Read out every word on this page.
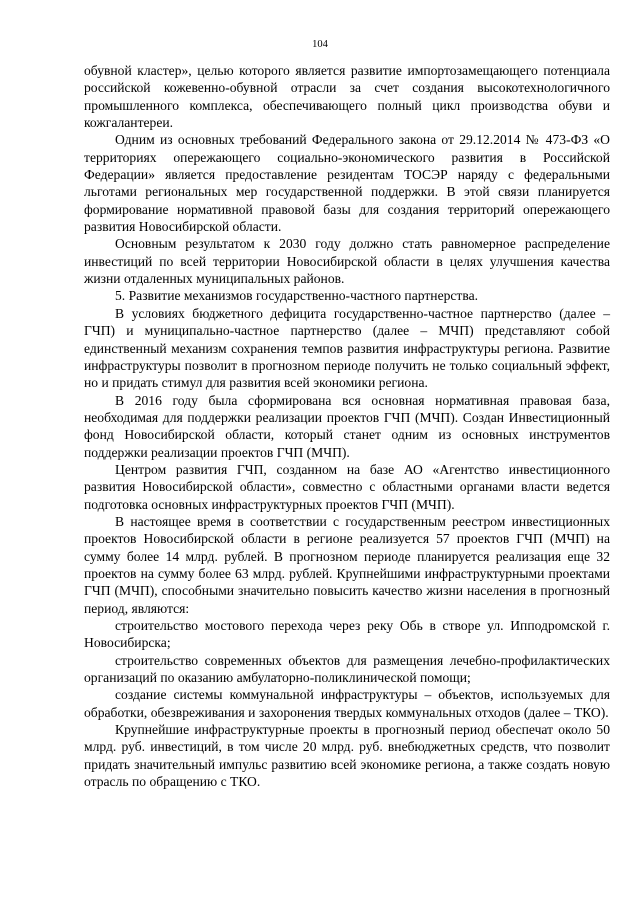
104

обувной кластер», целью которого является развитие импортозамещающего потенциала российской кожевенно-обувной отрасли за счет создания высокотехнологичного промышленного комплекса, обеспечивающего полный цикл производства обуви и кожгалантереи.

Одним из основных требований Федерального закона от 29.12.2014 № 473-ФЗ «О территориях опережающего социально-экономического развития в Российской Федерации» является предоставление резидентам ТОСЭР наряду с федеральными льготами региональных мер государственной поддержки. В этой связи планируется формирование нормативной правовой базы для создания территорий опережающего развития Новосибирской области.

Основным результатом к 2030 году должно стать равномерное распределение инвестиций по всей территории Новосибирской области в целях улучшения качества жизни отдаленных муниципальных районов.

5. Развитие механизмов государственно-частного партнерства.

В условиях бюджетного дефицита государственно-частное партнерство (далее – ГЧП) и муниципально-частное партнерство (далее – МЧП) представляют собой единственный механизм сохранения темпов развития инфраструктуры региона. Развитие инфраструктуры позволит в прогнозном периоде получить не только социальный эффект, но и придать стимул для развития всей экономики региона.

В 2016 году была сформирована вся основная нормативная правовая база, необходимая для поддержки реализации проектов ГЧП (МЧП). Создан Инвестиционный фонд Новосибирской области, который станет одним из основных инструментов поддержки реализации проектов ГЧП (МЧП).

Центром развития ГЧП, созданном на базе АО «Агентство инвестиционного развития Новосибирской области», совместно с областными органами власти ведется подготовка основных инфраструктурных проектов ГЧП (МЧП).

В настоящее время в соответствии с государственным реестром инвестиционных проектов Новосибирской области в регионе реализуется 57 проектов ГЧП (МЧП) на сумму более 14 млрд. рублей. В прогнозном периоде планируется реализация еще 32 проектов на сумму более 63 млрд. рублей. Крупнейшими инфраструктурными проектами ГЧП (МЧП), способными значительно повысить качество жизни населения в прогнозный период, являются:

строительство мостового перехода через реку Обь в створе ул. Ипподромской г. Новосибирска;

строительство современных объектов для размещения лечебно-профилактических организаций по оказанию амбулаторно-поликлинической помощи;

создание системы коммунальной инфраструктуры – объектов, используемых для обработки, обезвреживания и захоронения твердых коммунальных отходов (далее – ТКО).

Крупнейшие инфраструктурные проекты в прогнозный период обеспечат около 50 млрд. руб. инвестиций, в том числе 20 млрд. руб. внебюджетных средств, что позволит придать значительный импульс развитию всей экономике региона, а также создать новую отрасль по обращению с ТКО.
